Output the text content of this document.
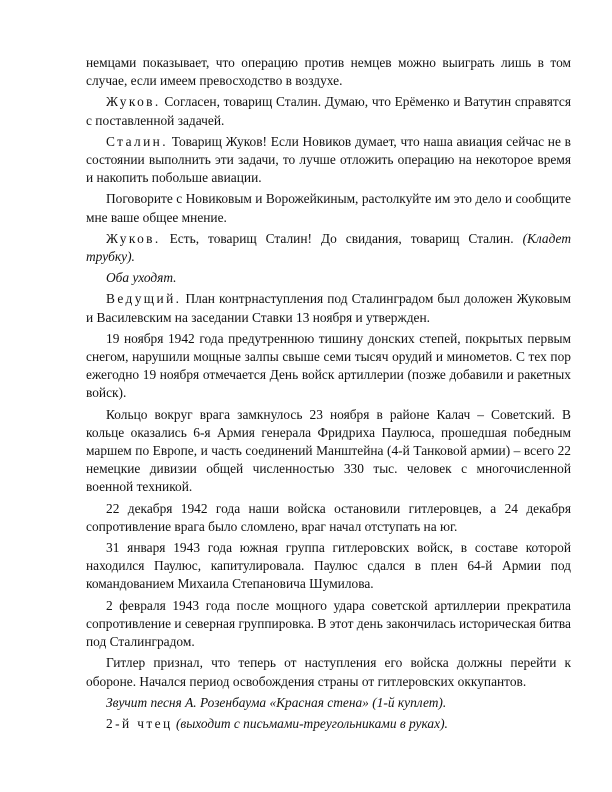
немцами показывает, что операцию против немцев можно выиграть лишь в том случае, если имеем превосходство в воздухе.

Жуков. Согласен, товарищ Сталин. Думаю, что Ерёменко и Ватутин справятся с поставленной задачей.

Сталин. Товарищ Жуков! Если Новиков думает, что наша авиация сейчас не в состоянии выполнить эти задачи, то лучше отложить операцию на некоторое время и накопить побольше авиации.

Поговорите с Новиковым и Ворожейкиным, растолкуйте им это дело и сообщите мне ваше общее мнение.

Жуков. Есть, товарищ Сталин! До свидания, товарищ Сталин. (Кладет трубку).

Оба уходят.

Ведущий. План контрнаступления под Сталинградом был доложен Жуковым и Василевским на заседании Ставки 13 ноября и утвержден.

19 ноября 1942 года предутреннюю тишину донских степей, покрытых первым снегом, нарушили мощные залпы свыше семи тысяч орудий и минометов. С тех пор ежегодно 19 ноября отмечается День войск артиллерии (позже добавили и ракетных войск).

Кольцо вокруг врага замкнулось 23 ноября в районе Калач – Советский. В кольце оказались 6-я Армия генерала Фридриха Паулюса, прошедшая победным маршем по Европе, и часть соединений Манштейна (4-й Танковой армии) – всего 22 немецкие дивизии общей численностью 330 тыс. человек с многочисленной военной техникой.

22 декабря 1942 года наши войска остановили гитлеровцев, а 24 декабря сопротивление врага было сломлено, враг начал отступать на юг.

31 января 1943 года южная группа гитлеровских войск, в составе которой находился Паулюс, капитулировала. Паулюс сдался в плен 64-й Армии под командованием Михаила Степановича Шумилова.

2 февраля 1943 года после мощного удара советской артиллерии прекратила сопротивление и северная группировка. В этот день закончилась историческая битва под Сталинградом.

Гитлер признал, что теперь от наступления его войска должны перейти к обороне. Начался период освобождения страны от гитлеровских оккупантов.

Звучит песня А. Розенбаума «Красная стена» (1-й куплет).

2-й чтец (выходит с письмами-треугольниками в руках).
